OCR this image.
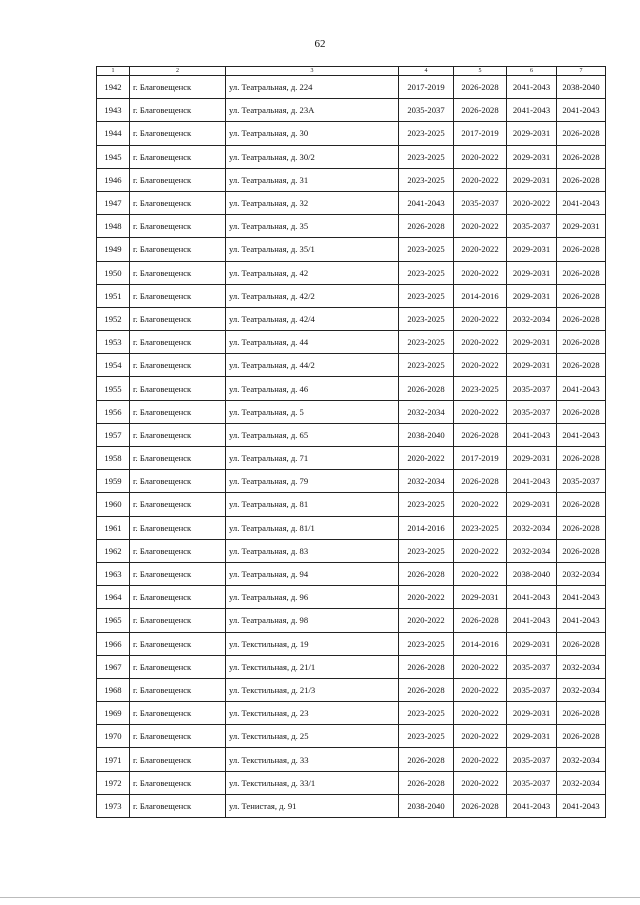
62
1	2	3	4	5	6	7
1942	г. Благовещенск	ул. Театральная, д. 224	2017-2019	2026-2028	2041-2043	2038-2040
1943	г. Благовещенск	ул. Театральная, д. 23А	2035-2037	2026-2028	2041-2043	2041-2043
1944	г. Благовещенск	ул. Театральная, д. 30	2023-2025	2017-2019	2029-2031	2026-2028
1945	г. Благовещенск	ул. Театральная, д. 30/2	2023-2025	2020-2022	2029-2031	2026-2028
1946	г. Благовещенск	ул. Театральная, д. 31	2023-2025	2020-2022	2029-2031	2026-2028
1947	г. Благовещенск	ул. Театральная, д. 32	2041-2043	2035-2037	2020-2022	2041-2043
1948	г. Благовещенск	ул. Театральная, д. 35	2026-2028	2020-2022	2035-2037	2029-2031
1949	г. Благовещенск	ул. Театральная, д. 35/1	2023-2025	2020-2022	2029-2031	2026-2028
1950	г. Благовещенск	ул. Театральная, д. 42	2023-2025	2020-2022	2029-2031	2026-2028
1951	г. Благовещенск	ул. Театральная, д. 42/2	2023-2025	2014-2016	2029-2031	2026-2028
1952	г. Благовещенск	ул. Театральная, д. 42/4	2023-2025	2020-2022	2032-2034	2026-2028
1953	г. Благовещенск	ул. Театральная, д. 44	2023-2025	2020-2022	2029-2031	2026-2028
1954	г. Благовещенск	ул. Театральная, д. 44/2	2023-2025	2020-2022	2029-2031	2026-2028
1955	г. Благовещенск	ул. Театральная, д. 46	2026-2028	2023-2025	2035-2037	2041-2043
1956	г. Благовещенск	ул. Театральная, д. 5	2032-2034	2020-2022	2035-2037	2026-2028
1957	г. Благовещенск	ул. Театральная, д. 65	2038-2040	2026-2028	2041-2043	2041-2043
1958	г. Благовещенск	ул. Театральная, д. 71	2020-2022	2017-2019	2029-2031	2026-2028
1959	г. Благовещенск	ул. Театральная, д. 79	2032-2034	2026-2028	2041-2043	2035-2037
1960	г. Благовещенск	ул. Театральная, д. 81	2023-2025	2020-2022	2029-2031	2026-2028
1961	г. Благовещенск	ул. Театральная, д. 81/1	2014-2016	2023-2025	2032-2034	2026-2028
1962	г. Благовещенск	ул. Театральная, д. 83	2023-2025	2020-2022	2032-2034	2026-2028
1963	г. Благовещенск	ул. Театральная, д. 94	2026-2028	2020-2022	2038-2040	2032-2034
1964	г. Благовещенск	ул. Театральная, д. 96	2020-2022	2029-2031	2041-2043	2041-2043
1965	г. Благовещенск	ул. Театральная, д. 98	2020-2022	2026-2028	2041-2043	2041-2043
1966	г. Благовещенск	ул. Текстильная, д. 19	2023-2025	2014-2016	2029-2031	2026-2028
1967	г. Благовещенск	ул. Текстильная, д. 21/1	2026-2028	2020-2022	2035-2037	2032-2034
1968	г. Благовещенск	ул. Текстильная, д. 21/3	2026-2028	2020-2022	2035-2037	2032-2034
1969	г. Благовещенск	ул. Текстильная, д. 23	2023-2025	2020-2022	2029-2031	2026-2028
1970	г. Благовещенск	ул. Текстильная, д. 25	2023-2025	2020-2022	2029-2031	2026-2028
1971	г. Благовещенск	ул. Текстильная, д. 33	2026-2028	2020-2022	2035-2037	2032-2034
1972	г. Благовещенск	ул. Текстильная, д. 33/1	2026-2028	2020-2022	2035-2037	2032-2034
1973	г. Благовещенск	ул. Тенистая, д. 91	2038-2040	2026-2028	2041-2043	2041-2043
